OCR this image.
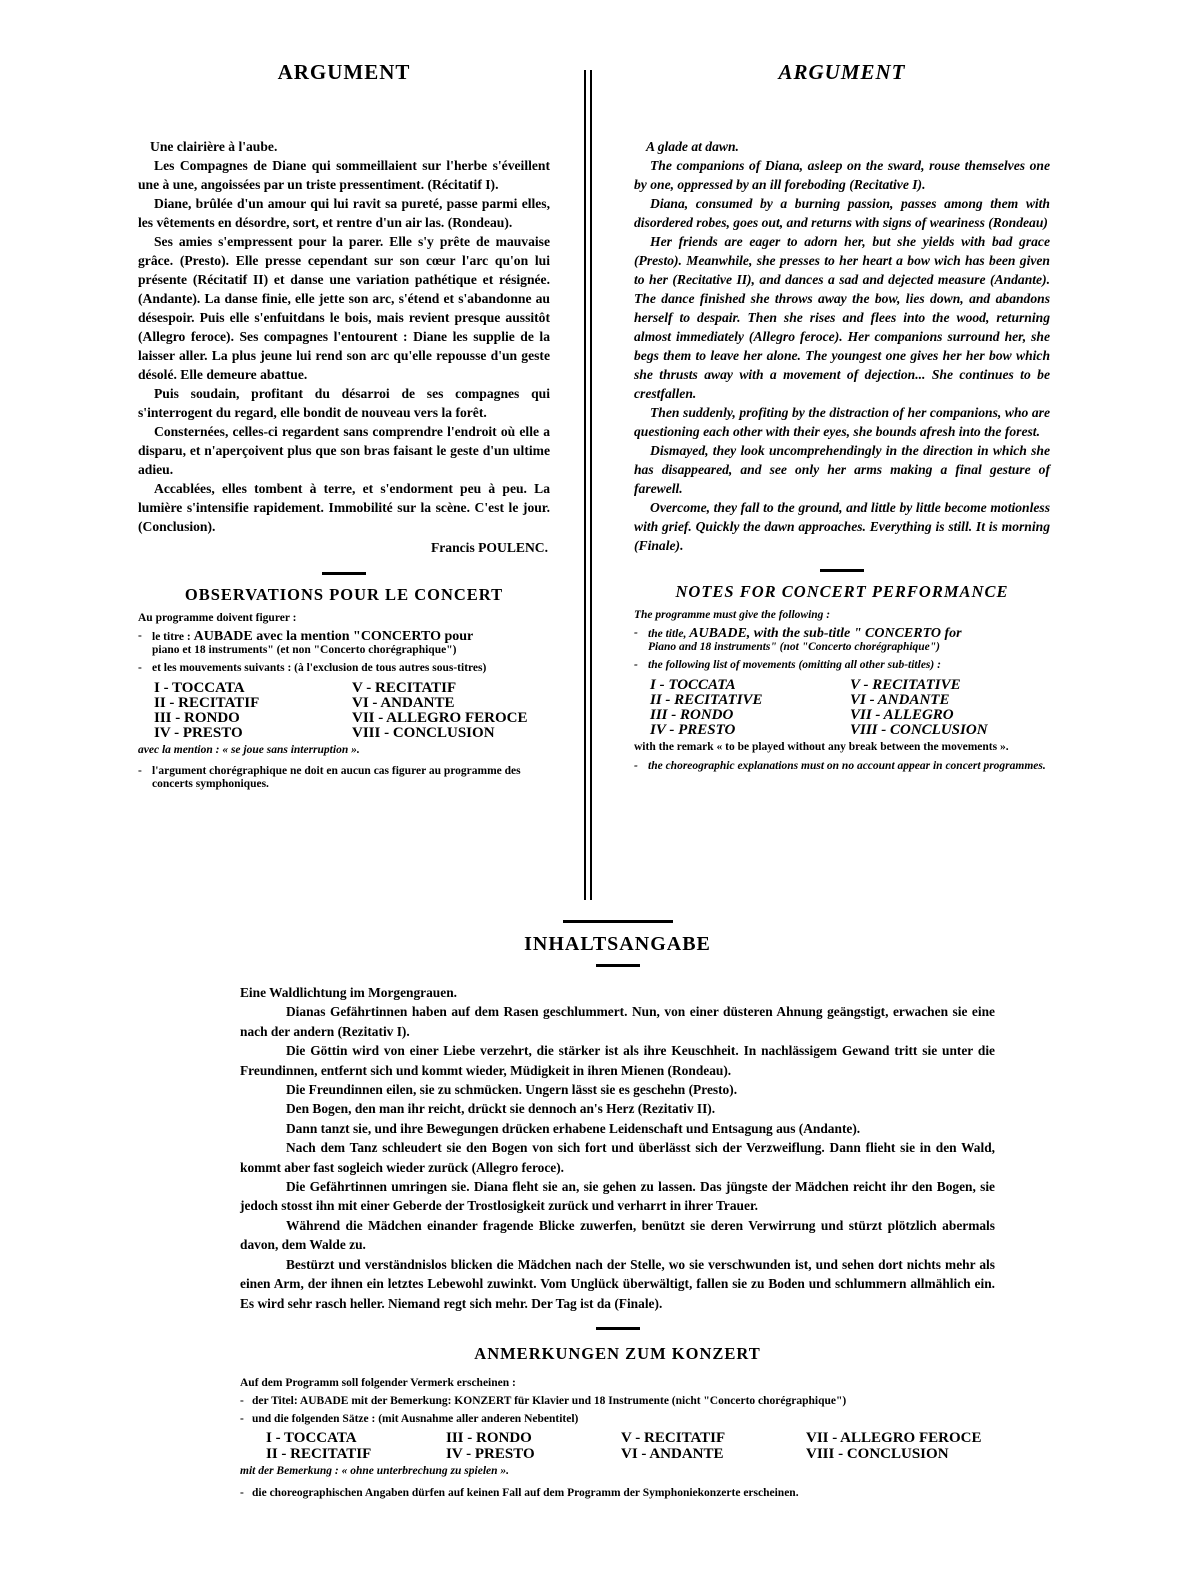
ARGUMENT

Une clairière à l'aube.

Les Compagnes de Diane qui sommeillaient sur l'herbe s'éveillent une à une, angoissées par un triste pressentiment. (Récitatif I).

Diane, brûlée d'un amour qui lui ravit sa pureté, passe parmi elles, les vêtements en désordre, sort, et rentre d'un air las. (Rondeau).

Ses amies s'empressent pour la parer. Elle s'y prête de mauvaise grâce. (Presto). Elle presse cependant sur son cœur l'arc qu'on lui présente (Récitatif II) et danse une variation pathétique et résignée. (Andante). La danse finie, elle jette son arc, s'étend et s'abandonne au désespoir. Puis elle s'enfuitdans le bois, mais revient presque aussitôt (Allegro feroce). Ses compagnes l'entourent : Diane les supplie de la laisser aller. La plus jeune lui rend son arc qu'elle repousse d'un geste désolé. Elle demeure abattue.

Puis soudain, profitant du désarroi de ses compagnes qui s'interrogent du regard, elle bondit de nouveau vers la forêt.

Consternées, celles-ci regardent sans comprendre l'endroit où elle a disparu, et n'aperçoivent plus que son bras faisant le geste d'un ultime adieu.

Accablées, elles tombent à terre, et s'endorment peu à peu. La lumière s'intensifie rapidement. Immobilité sur la scène. C'est le jour. (Conclusion).

Francis POULENC.

OBSERVATIONS POUR LE CONCERT

Au programme doivent figurer :

- le titre : AUBADE avec la mention "CONCERTO pour
piano et 18 instruments" (et non "Concerto chorégraphique")
- et les mouvements suivants : (à l'exclusion de tous autres sous-titres)
I - TOCCATA	V - RECITATIF
II - RECITATIF	VI - ANDANTE
III - RONDO	VII - ALLEGRO FEROCE
IV - PRESTO	VIII - CONCLUSION

avec la mention : « se joue sans interruption ».

- l'argument chorégraphique ne doit en aucun cas figurer au programme des concerts symphoniques.
ARGUMENT

A glade at dawn.

The companions of Diana, asleep on the sward, rouse themselves one by one, oppressed by an ill foreboding (Recitative I).

Diana, consumed by a burning passion, passes among them with disordered robes, goes out, and returns with signs of weariness (Rondeau)

Her friends are eager to adorn her, but she yields with bad grace (Presto). Meanwhile, she presses to her heart a bow wich has been given to her (Recitative II), and dances a sad and dejected measure (Andante). The dance finished she throws away the bow, lies down, and abandons herself to despair. Then she rises and flees into the wood, returning almost immediately (Allegro feroce). Her companions surround her, she begs them to leave her alone. The youngest one gives her her bow which she thrusts away with a movement of dejection... She continues to be crestfallen.

Then suddenly, profiting by the distraction of her companions, who are questioning each other with their eyes, she bounds afresh into the forest.

Dismayed, they look uncomprehendingly in the direction in which she has disappeared, and see only her arms making a final gesture of farewell.

Overcome, they fall to the ground, and little by little become motionless with grief. Quickly the dawn approaches. Everything is still. It is morning (Finale).

NOTES FOR CONCERT PERFORMANCE

The programme must give the following :

- the title, AUBADE, with the sub-title " CONCERTO for
Piano and 18 instruments" (not "Concerto chorégraphique")
- the following list of movements (omitting all other sub-titles) :
I - TOCCATA	V - RECITATIVE
II - RECITATIVE	VI - ANDANTE
III - RONDO	VII - ALLEGRO
IV - PRESTO	VIII - CONCLUSION

with the remark « to be played without any break between the movements ».

- the choreographic explanations must on no account appear in concert programmes.
INHALTSANGABE

Eine Waldlichtung im Morgengrauen.

Dianas Gefährtinnen haben auf dem Rasen geschlummert. Nun, von einer düsteren Ahnung geängstigt, erwachen sie eine nach der andern (Rezitativ I).

Die Göttin wird von einer Liebe verzehrt, die stärker ist als ihre Keuschheit. In nachlässigem Gewand tritt sie unter die Freundinnen, entfernt sich und kommt wieder, Müdigkeit in ihren Mienen (Rondeau).

Die Freundinnen eilen, sie zu schmücken. Ungern lässt sie es geschehn (Presto).

Den Bogen, den man ihr reicht, drückt sie dennoch an's Herz (Rezitativ II).

Dann tanzt sie, und ihre Bewegungen drücken erhabene Leidenschaft und Entsagung aus (Andante).

Nach dem Tanz schleudert sie den Bogen von sich fort und überlässt sich der Verzweiflung. Dann flieht sie in den Wald, kommt aber fast sogleich wieder zurück (Allegro feroce).

Die Gefährtinnen umringen sie. Diana fleht sie an, sie gehen zu lassen. Das jüngste der Mädchen reicht ihr den Bogen, sie jedoch stosst ihn mit einer Geberde der Trostlosigkeit zurück und verharrt in ihrer Trauer.

Während die Mädchen einander fragende Blicke zuwerfen, benützt sie deren Verwirrung und stürzt plötzlich abermals davon, dem Walde zu.

Bestürzt und verständnislos blicken die Mädchen nach der Stelle, wo sie verschwunden ist, und sehen dort nichts mehr als einen Arm, der ihnen ein letztes Lebewohl zuwinkt. Vom Unglück überwältigt, fallen sie zu Boden und schlummern allmählich ein. Es wird sehr rasch heller. Niemand regt sich mehr. Der Tag ist da (Finale).

ANMERKUNGEN ZUM KONZERT

Auf dem Programm soll folgender Vermerk erscheinen :

- der Titel: AUBADE mit der Bemerkung: KONZERT für Klavier und 18 Instrumente (nicht "Concerto chorégraphique")
- und die folgenden Sätze : (mit Ausnahme aller anderen Nebentitel)
I - TOCCATA	III - RONDO	V - RECITATIF	VII - ALLEGRO FEROCE
II - RECITATIF	IV - PRESTO	VI - ANDANTE	VIII - CONCLUSION

mit der Bemerkung : « ohne unterbrechung zu spielen ».

- die choreographischen Angaben dürfen auf keinen Fall auf dem Programm der Symphoniekonzerte erscheinen.
